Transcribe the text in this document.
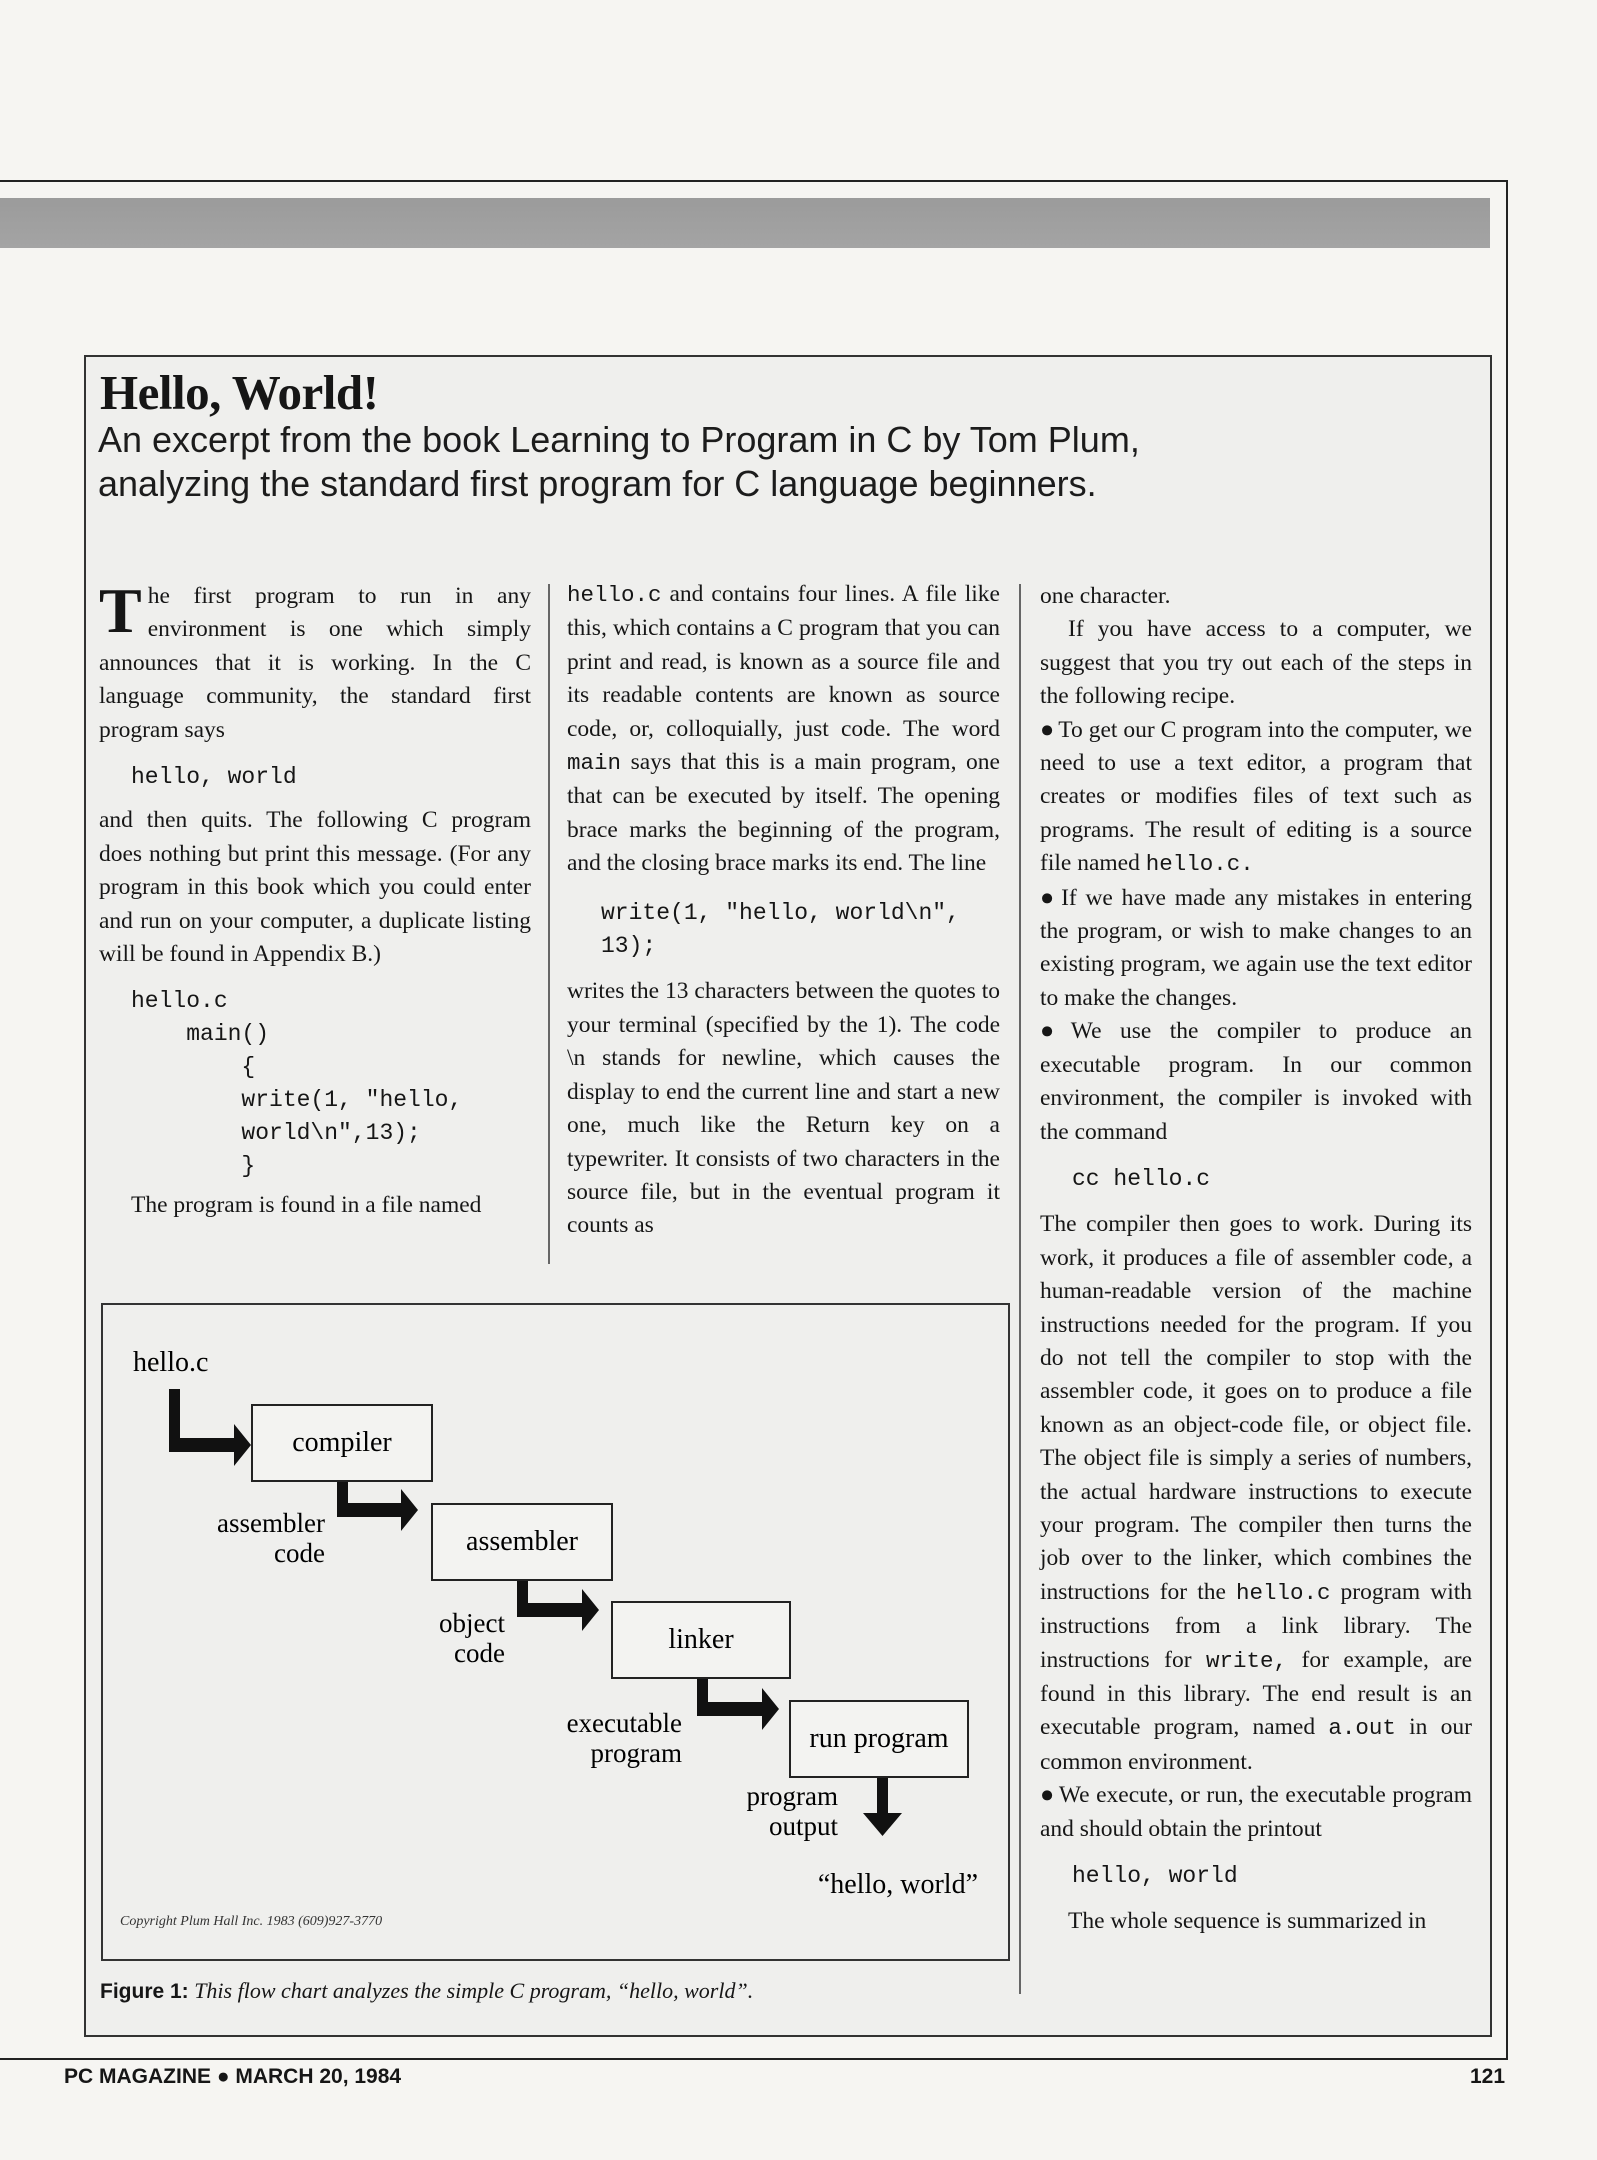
Hello, World!

An excerpt from the book Learning to Program in C by Tom Plum, analyzing the standard first program for C language beginners.

The first program to run in any environment is one which simply announces that it is working. In the C language community, the standard first program says

hello, world

and then quits. The following C program does nothing but print this message. (For any program in this book which you could enter and run on your computer, a duplicate listing will be found in Appendix B.)

hello.c
main()
{
write(1, "hello,
world\n",13);
}

The program is found in a file named

hello.c and contains four lines. A file like this, which contains a C program that you can print and read, is known as a source file and its readable contents are known as source code, or, colloquially, just code. The word main says that this is a main program, one that can be executed by itself. The opening brace marks the beginning of the program, and the closing brace marks its end. The line

write(1, "hello, world\n",
13);

writes the 13 characters between the quotes to your terminal (specified by the 1). The code \n stands for newline, which causes the display to end the current line and start a new one, much like the Return key on a typewriter. It consists of two characters in the source file, but in the eventual program it counts as

one character.

If you have access to a computer, we suggest that you try out each of the steps in the following recipe.

● To get our C program into the computer, we need to use a text editor, a program that creates or modifies files of text such as programs. The result of editing is a source file named hello.c.

● If we have made any mistakes in entering the program, or wish to make changes to an existing program, we again use the text editor to make the changes.

● We use the compiler to produce an executable program. In our common environment, the compiler is invoked with the command

cc hello.c

The compiler then goes to work. During its work, it produces a file of assembler code, a human-readable version of the machine instructions needed for the program. If you do not tell the compiler to stop with the assembler code, it goes on to produce a file known as an object-code file, or object file. The object file is simply a series of numbers, the actual hardware instructions to execute your program. The compiler then turns the job over to the linker, which combines the instructions for the hello.c program with instructions from a link library. The instructions for write, for example, are found in this library. The end result is an executable program, named a.out in our common environment.

● We execute, or run, the executable program and should obtain the printout

hello, world

The whole sequence is summarized in

hello.c
compiler
assembler
linker
run program
assembler
code
object
code
executable
program
program
output
“hello, world”
Copyright Plum Hall Inc. 1983 (609)927-3770

Figure 1: This flow chart analyzes the simple C program, “hello, world”.

PC MAGAZINE ● MARCH 20, 1984	121
